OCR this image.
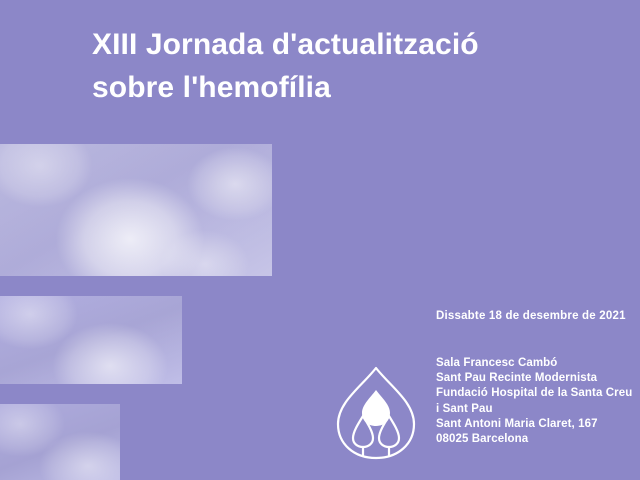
XIII Jornada d'actualització
sobre l'hemofília
Dissabte 18 de desembre de 2021
Sala Francesc Cambó
Sant Pau Recinte Modernista
Fundació Hospital de la Santa Creu
i Sant Pau
Sant Antoni Maria Claret, 167
08025 Barcelona
